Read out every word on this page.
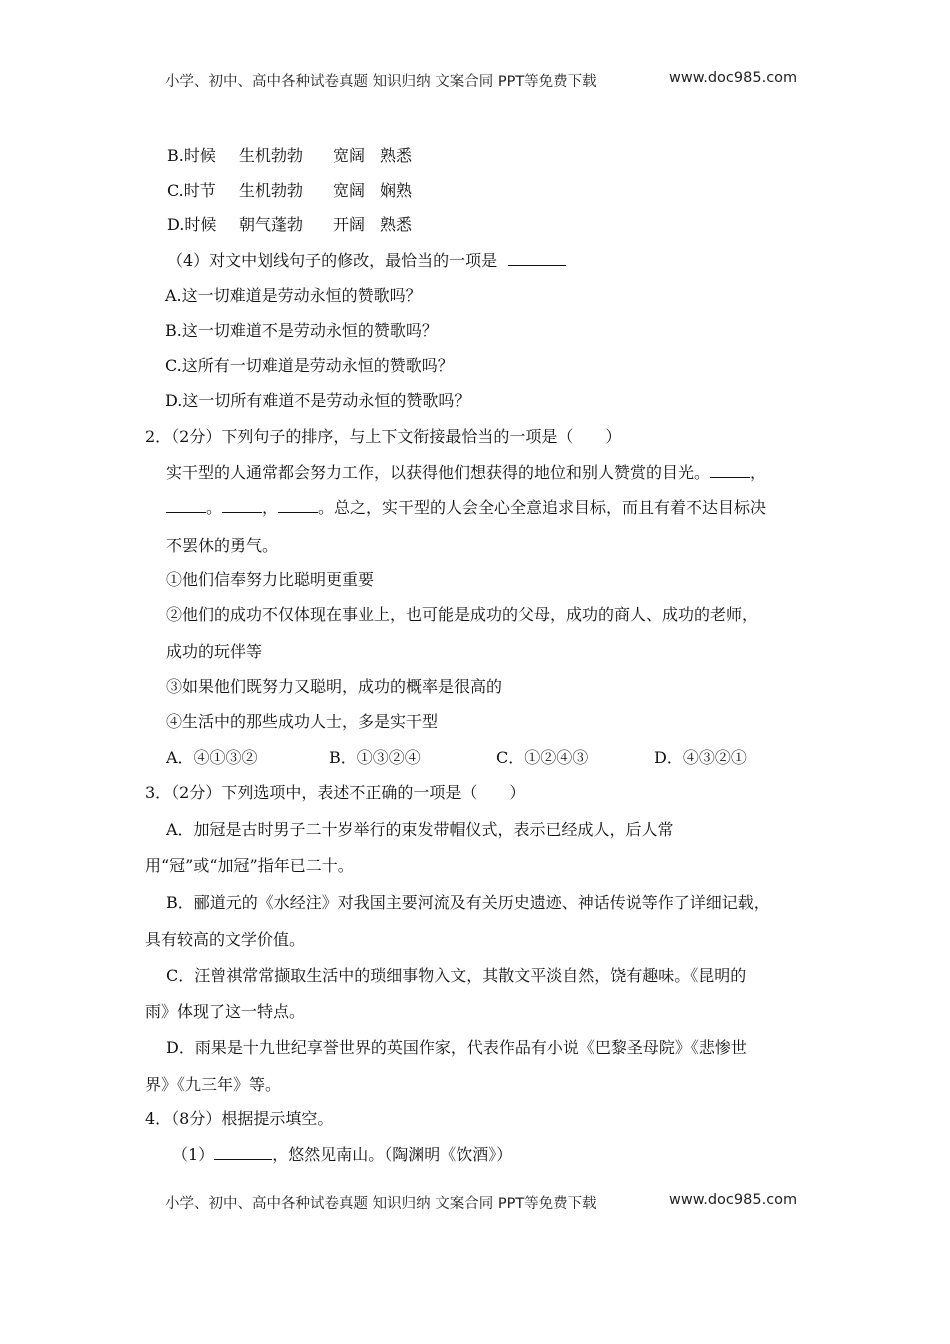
小学、初中、高中各种试卷真题 知识归纳 文案合同 PPT等免费下载	www.doc985.com
B.时候 生机勃勃 宽阔 熟悉
C.时节 生机勃勃 宽阔 娴熟
D.时候 朝气蓬勃 开阔 熟悉
（4）对文中划线句子的修改，最恰当的一项是
A.这一切难道是劳动永恒的赞歌吗？
B.这一切难道不是劳动永恒的赞歌吗？
C.这所有一切难道是劳动永恒的赞歌吗？
D.这一切所有难道不是劳动永恒的赞歌吗？
2．（2分）下列句子的排序，与上下文衔接最恰当的一项是（　　）
实干型的人通常都会努力工作，以获得他们想获得的地位和别人赞赏的目光。	，
。	，	。总之，实干型的人会全心全意追求目标，而且有着不达目标决
不罢休的勇气。
①他们信奉努力比聪明更重要
②他们的成功不仅体现在事业上，也可能是成功的父母，成功的商人、成功的老师，
成功的玩伴等
③如果他们既努力又聪明，成功的概率是很高的
④生活中的那些成功人士，多是实干型
A．④①③②	B．①③②④	C．①②④③	D．④③②①
3．（2分）下列选项中，表述不正确的一项是（　　）
A．加冠是古时男子二十岁举行的束发带帽仪式，表示已经成人，后人常
用“冠”或“加冠”指年已二十。
B．郦道元的《水经注》对我国主要河流及有关历史遗迹、神话传说等作了详细记载，
具有较高的文学价值。
C．汪曾祺常常撷取生活中的琐细事物入文，其散文平淡自然，饶有趣味。《昆明的
雨》体现了这一特点。
D．雨果是十九世纪享誉世界的英国作家，代表作品有小说《巴黎圣母院》《悲惨世
界》《九三年》等。
4．（8分）根据提示填空。
（1）	，悠然见南山。（陶渊明《饮酒》）
小学、初中、高中各种试卷真题 知识归纳 文案合同 PPT等免费下载	www.doc985.com
